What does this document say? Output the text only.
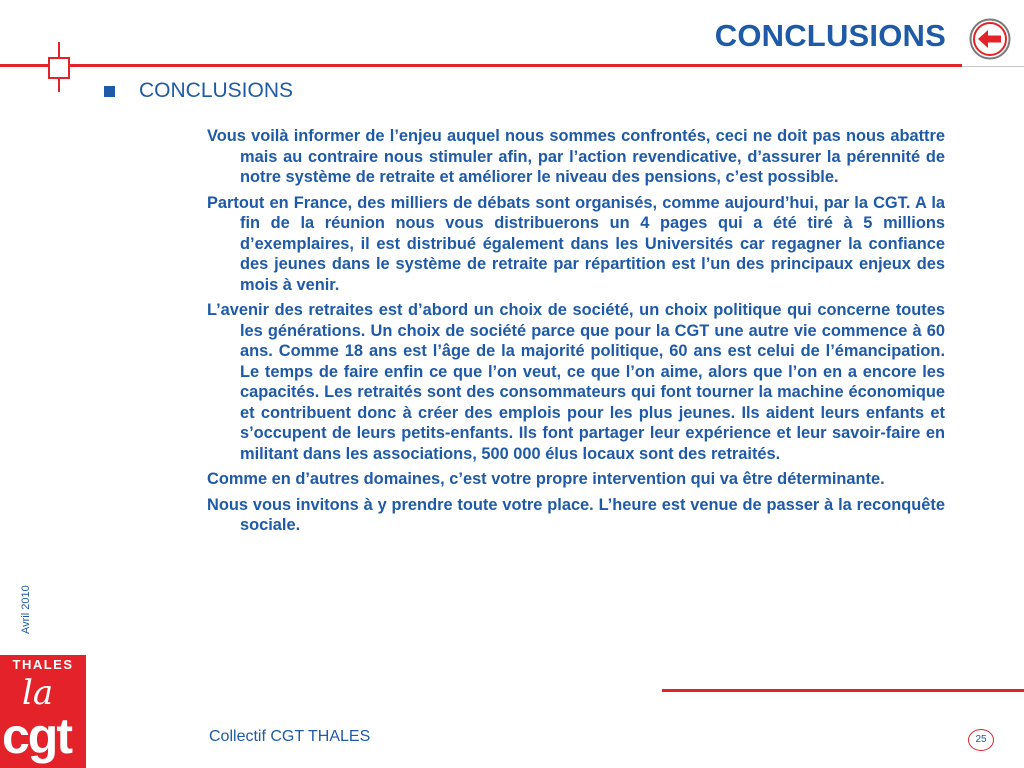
CONCLUSIONS
CONCLUSIONS

Vous voilà informer de l’enjeu auquel nous sommes confrontés, ceci ne doit pas nous abattre mais au contraire nous stimuler afin, par l’action revendicative, d’assurer la pérennité de notre système de retraite et améliorer le niveau des pensions, c’est possible.

Partout en France, des milliers de débats sont organisés, comme aujourd’hui, par la CGT. A la fin de la réunion nous vous distribuerons un 4 pages qui a été tiré à 5 millions d’exemplaires, il est distribué également dans les Universités car regagner la confiance des jeunes dans le système de retraite par répartition est l’un des principaux enjeux des mois à venir.

L’avenir des retraites est d’abord un choix de société, un choix politique qui concerne toutes les générations. Un choix de société parce que pour la CGT une autre vie commence à 60 ans. Comme 18 ans est l’âge de la majorité politique, 60 ans est celui de l’émancipation. Le temps de faire enfin ce que l’on veut, ce que l’on aime, alors que l’on en a encore les capacités. Les retraités sont des consommateurs qui font tourner la machine économique et contribuent donc à créer des emplois pour les plus jeunes. Ils aident leurs enfants et s’occupent de leurs petits-enfants. Ils font partager leur expérience et leur savoir-faire en militant dans les associations, 500 000 élus locaux sont des retraités.

Comme en d’autres domaines, c’est votre propre intervention qui va être déterminante.

Nous vous invitons à y prendre toute votre place. L’heure est venue de passer à la reconquête sociale.

Avril 2010
THALES
la
cgt	Collectif CGT THALES	25
